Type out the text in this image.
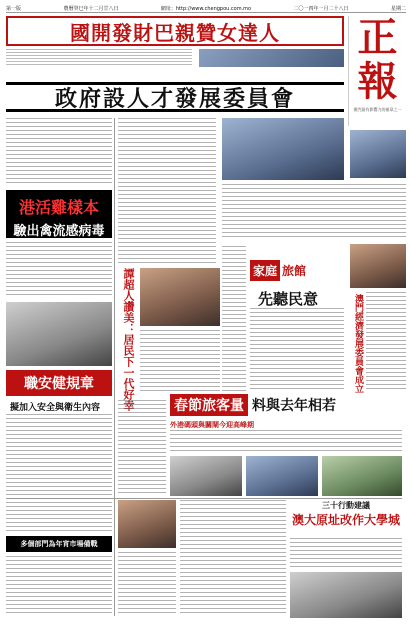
第一版	農曆癸巳年十二月廿八日	網址：http://www.chengpou.com.mo	二〇一四年一月二十八日	星期二
國開發財巴親贊女達人 正報
澳門最有影響力的報章之一
政府設人才發展委員會
港活雞樣本
驗出禽流感病毒
譚超人讚美：居民下一代好幸	家庭 旅館
先聽民意	澳門經濟發展委員會成立
職安健規章
擬加入安全與衛生內容	春節旅客量 料與去年相若
外港碼頭與關閘今迎高峰期
多個部門為年宵市場備戰
三十行動建議
澳大原址改作大學城
